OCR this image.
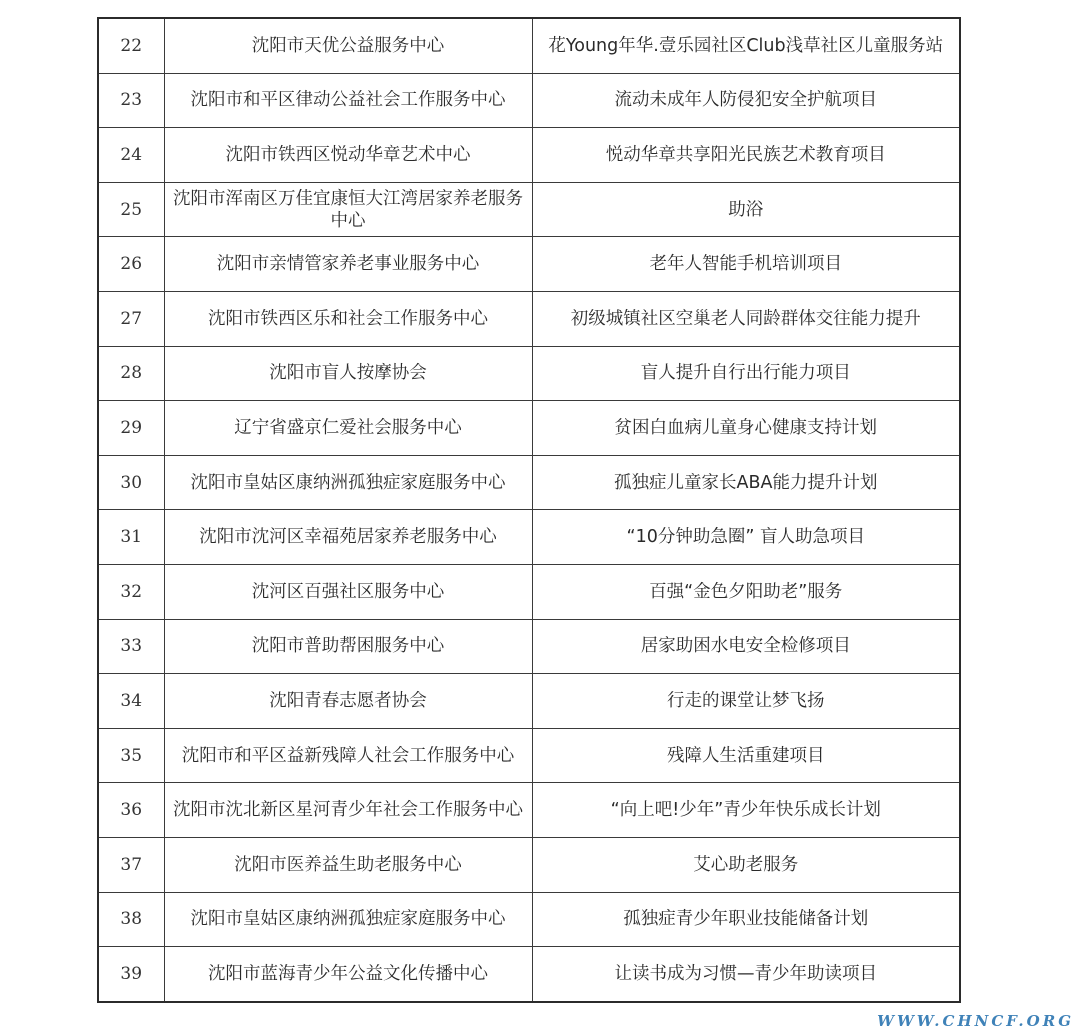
22	沈阳市天优公益服务中心	花Young年华.壹乐园社区Club浅草社区儿童服务站
23	沈阳市和平区律动公益社会工作服务中心	流动未成年人防侵犯安全护航项目
24	沈阳市铁西区悦动华章艺术中心	悦动华章共享阳光民族艺术教育项目
25	沈阳市浑南区万佳宜康恒大江湾居家养老服务中心	助浴
26	沈阳市亲情管家养老事业服务中心	老年人智能手机培训项目
27	沈阳市铁西区乐和社会工作服务中心	初级城镇社区空巢老人同龄群体交往能力提升
28	沈阳市盲人按摩协会	盲人提升自行出行能力项目
29	辽宁省盛京仁爱社会服务中心	贫困白血病儿童身心健康支持计划
30	沈阳市皇姑区康纳洲孤独症家庭服务中心	孤独症儿童家长ABA能力提升计划
31	沈阳市沈河区幸福苑居家养老服务中心	“10分钟助急圈” 盲人助急项目
32	沈河区百强社区服务中心	百强“金色夕阳助老”服务
33	沈阳市普助帮困服务中心	居家助困水电安全检修项目
34	沈阳青春志愿者协会	行走的课堂让梦飞扬
35	沈阳市和平区益新残障人社会工作服务中心	残障人生活重建项目
36	沈阳市沈北新区星河青少年社会工作服务中心	“向上吧!少年”青少年快乐成长计划
37	沈阳市医养益生助老服务中心	艾心助老服务
38	沈阳市皇姑区康纳洲孤独症家庭服务中心	孤独症青少年职业技能储备计划
39	沈阳市蓝海青少年公益文化传播中心	让读书成为习惯—青少年助读项目
WWW.CHNCF.ORG
